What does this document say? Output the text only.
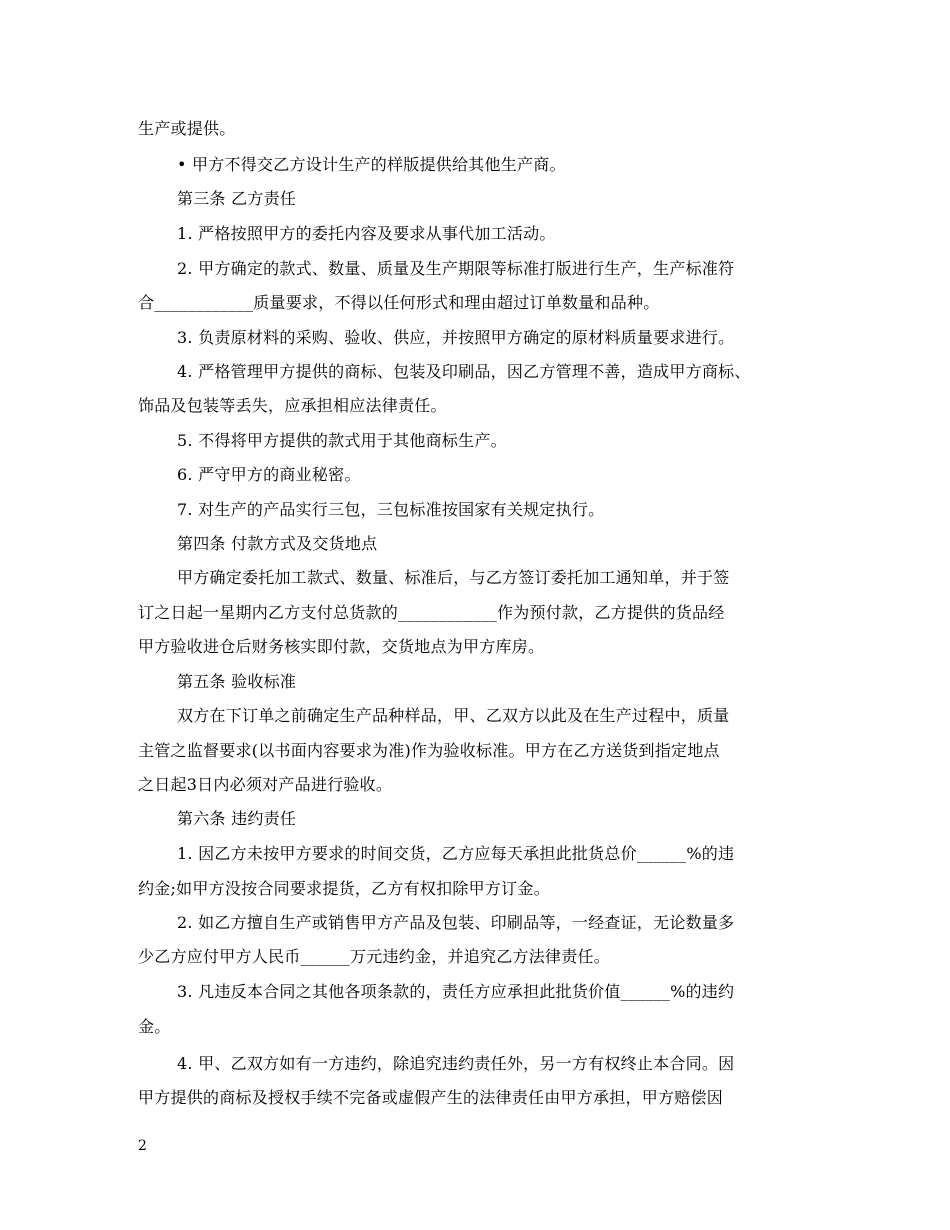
生产或提供。
• 甲方不得交乙方设计生产的样版提供给其他生产商。
第三条 乙方责任
1. 严格按照甲方的委托内容及要求从事代加工活动。
2. 甲方确定的款式、数量、质量及生产期限等标准打版进行生产，生产标准符
合____________质量要求，不得以任何形式和理由超过订单数量和品种。
3. 负责原材料的采购、验收、供应，并按照甲方确定的原材料质量要求进行。
4. 严格管理甲方提供的商标、包装及印刷品，因乙方管理不善，造成甲方商标、
饰品及包装等丢失，应承担相应法律责任。
5. 不得将甲方提供的款式用于其他商标生产。
6. 严守甲方的商业秘密。
7. 对生产的产品实行三包，三包标准按国家有关规定执行。
第四条 付款方式及交货地点
甲方确定委托加工款式、数量、标准后，与乙方签订委托加工通知单，并于签
订之日起一星期内乙方支付总货款的____________作为预付款，乙方提供的货品经
甲方验收进仓后财务核实即付款，交货地点为甲方库房。
第五条 验收标准
双方在下订单之前确定生产品种样品，甲、乙双方以此及在生产过程中，质量
主管之监督要求(以书面内容要求为准)作为验收标准。甲方在乙方送货到指定地点
之日起3日内必须对产品进行验收。
第六条 违约责任
1. 因乙方未按甲方要求的时间交货，乙方应每天承担此批货总价______%的违
约金;如甲方没按合同要求提货，乙方有权扣除甲方订金。
2. 如乙方擅自生产或销售甲方产品及包装、印刷品等，一经查证，无论数量多
少乙方应付甲方人民币______万元违约金，并追究乙方法律责任。
3. 凡违反本合同之其他各项条款的，责任方应承担此批货价值______%的违约
金。
4. 甲、乙双方如有一方违约，除追究违约责任外，另一方有权终止本合同。因
甲方提供的商标及授权手续不完备或虚假产生的法律责任由甲方承担，甲方赔偿因
2
